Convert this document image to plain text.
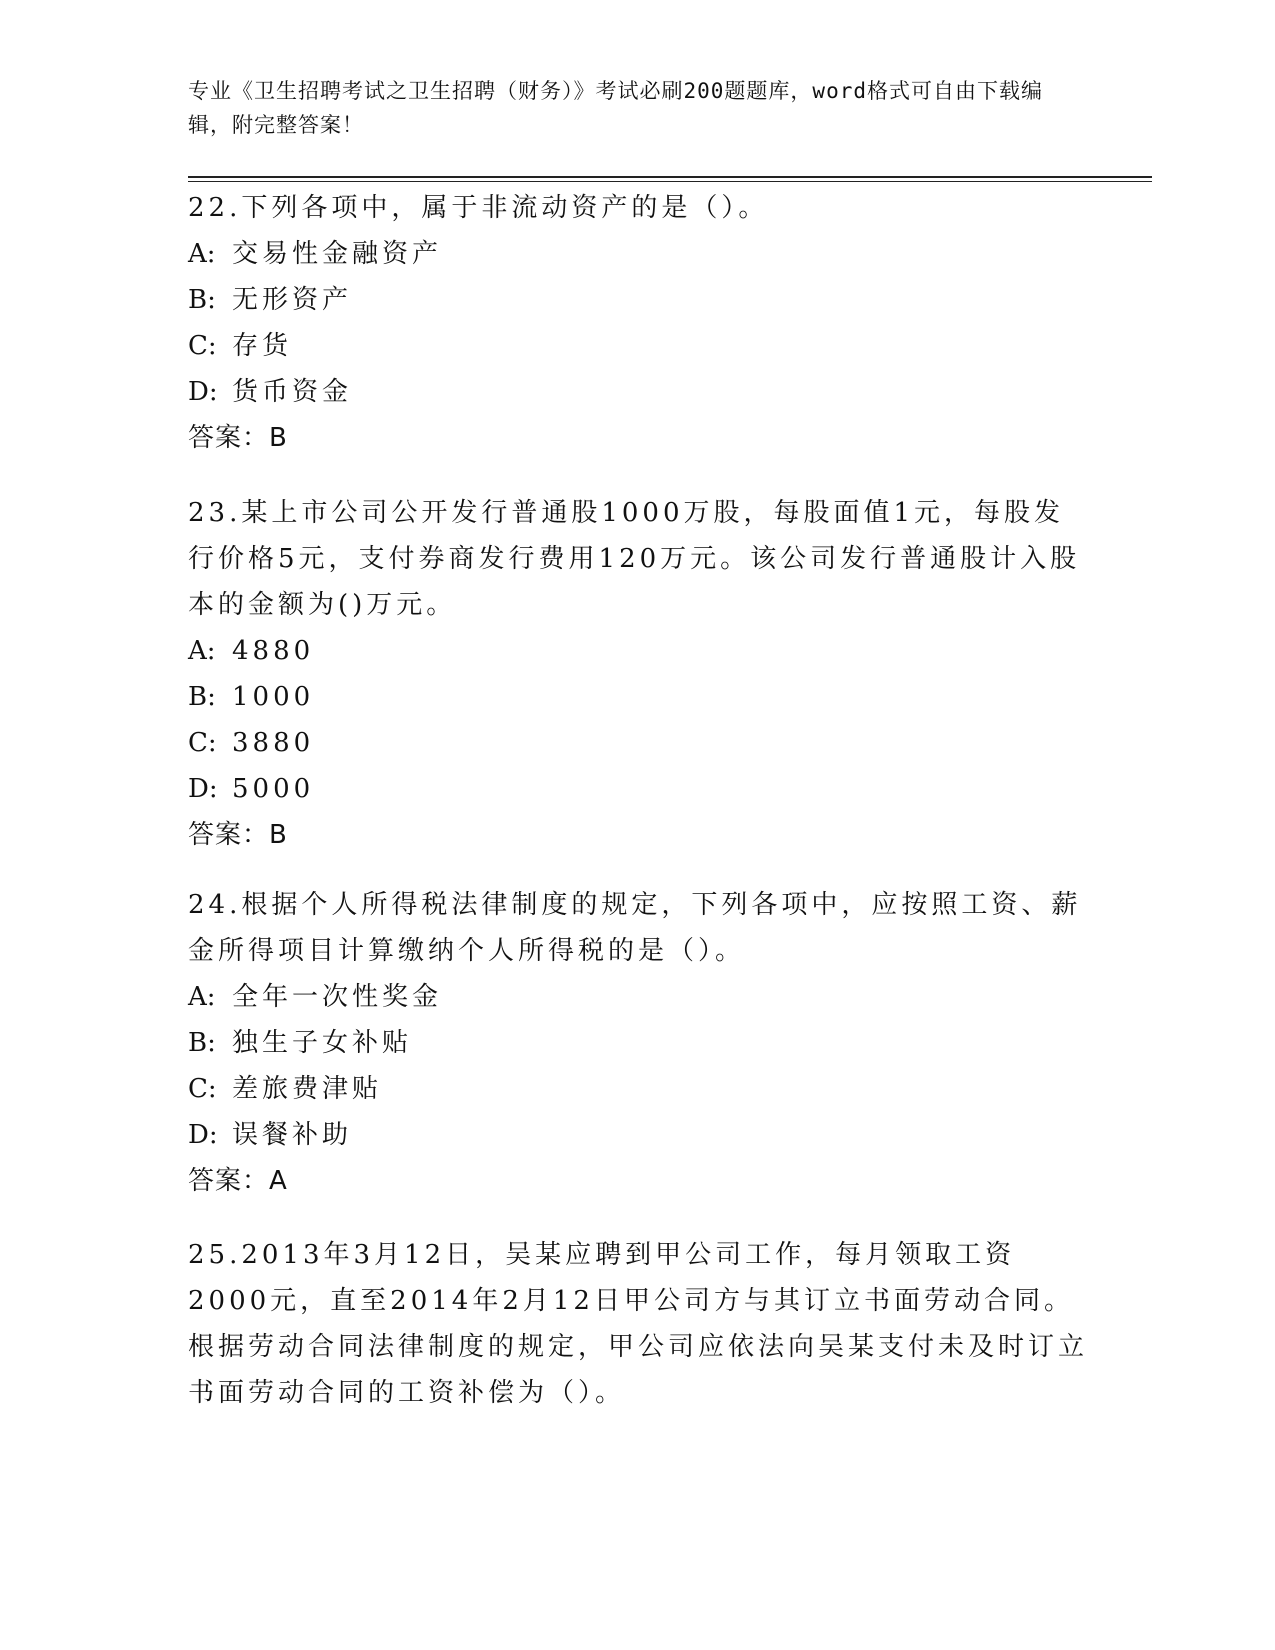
专业《卫生招聘考试之卫生招聘（财务）》考试必刷200题题库，word格式可自由下载编辑，附完整答案！
22.下列各项中，属于非流动资产的是（）。
A: 交易性金融资产
B: 无形资产
C: 存货
D: 货币资金
答案：B
23.某上市公司公开发行普通股1000万股，每股面值1元，每股发行价格5元，支付券商发行费用120万元。该公司发行普通股计入股本的金额为()万元。
A: 4880
B: 1000
C: 3880
D: 5000
答案：B
24.根据个人所得税法律制度的规定，下列各项中，应按照工资、薪金所得项目计算缴纳个人所得税的是（）。
A: 全年一次性奖金
B: 独生子女补贴
C: 差旅费津贴
D: 误餐补助
答案：A
25.2013年3月12日，吴某应聘到甲公司工作，每月领取工资2000元，直至2014年2月12日甲公司方与其订立书面劳动合同。根据劳动合同法律制度的规定，甲公司应依法向吴某支付未及时订立书面劳动合同的工资补偿为（）。
